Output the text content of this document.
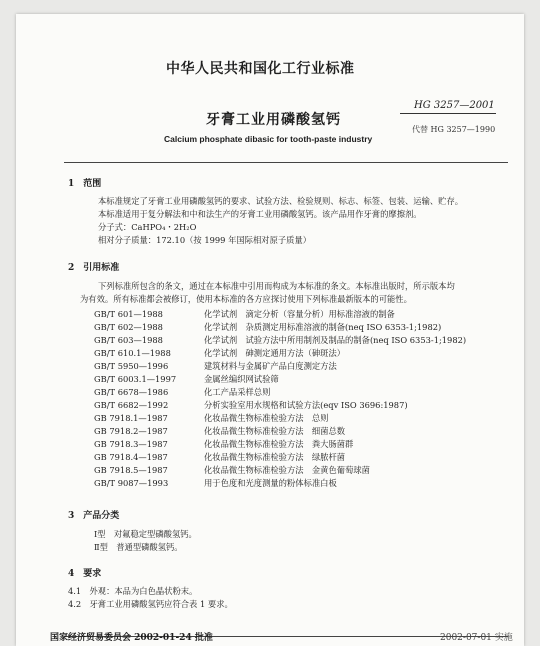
中华人民共和国化工行业标准
HG 3257—2001
代替 HG 3257—1990
牙膏工业用磷酸氢钙
Calcium phosphate dibasic for tooth-paste industry
1　范围
本标准规定了牙膏工业用磷酸氢钙的要求、试验方法、检验规则、标志、标签、包装、运输、贮存。
本标准适用于复分解法和中和法生产的牙膏工业用磷酸氢钙。该产品用作牙膏的摩擦剂。
分子式：CaHPO₄・2H₂O
相对分子质量：172.10（按 1999 年国际相对原子质量）
2　引用标准
下列标准所包含的条文，通过在本标准中引用而构成为本标准的条文。本标准出版时，所示版本均
为有效。所有标准都会被修订，使用本标准的各方应探讨使用下列标准最新版本的可能性。
GB/T 601—1988	化学试剂　滴定分析（容量分析）用标准溶液的制备
GB/T 602—1988	化学试剂　杂质测定用标准溶液的制备(neq ISO 6353-1;1982)
GB/T 603—1988	化学试剂　试验方法中所用制剂及制品的制备(neq ISO 6353-1;1982)
GB/T 610.1—1988	化学试剂　砷测定通用方法（砷斑法）
GB/T 5950—1996	建筑材料与金属矿产品白度测定方法
GB/T 6003.1—1997	金属丝编织网试验筛
GB/T 6678—1986	化工产品采样总则
GB/T 6682—1992	分析实验室用水规格和试验方法(eqv ISO 3696:1987)
GB 7918.1—1987	化妆品微生物标准检验方法　总则
GB 7918.2—1987	化妆品微生物标准检验方法　细菌总数
GB 7918.3—1987	化妆品微生物标准检验方法　粪大肠菌群
GB 7918.4—1987	化妆品微生物标准检验方法　绿脓杆菌
GB 7918.5—1987	化妆品微生物标准检验方法　金黄色葡萄球菌
GB/T 9087—1993	用于色度和光度测量的粉体标准白板
3　产品分类
Ⅰ型　对氟稳定型磷酸氢钙。
Ⅱ型　普通型磷酸氢钙。
4　要求
4.1　外观：本品为白色晶状粉末。
4.2　牙膏工业用磷酸氢钙应符合表 1 要求。
国家经济贸易委员会 2002-01-24 批准	2002-07-01 实施
